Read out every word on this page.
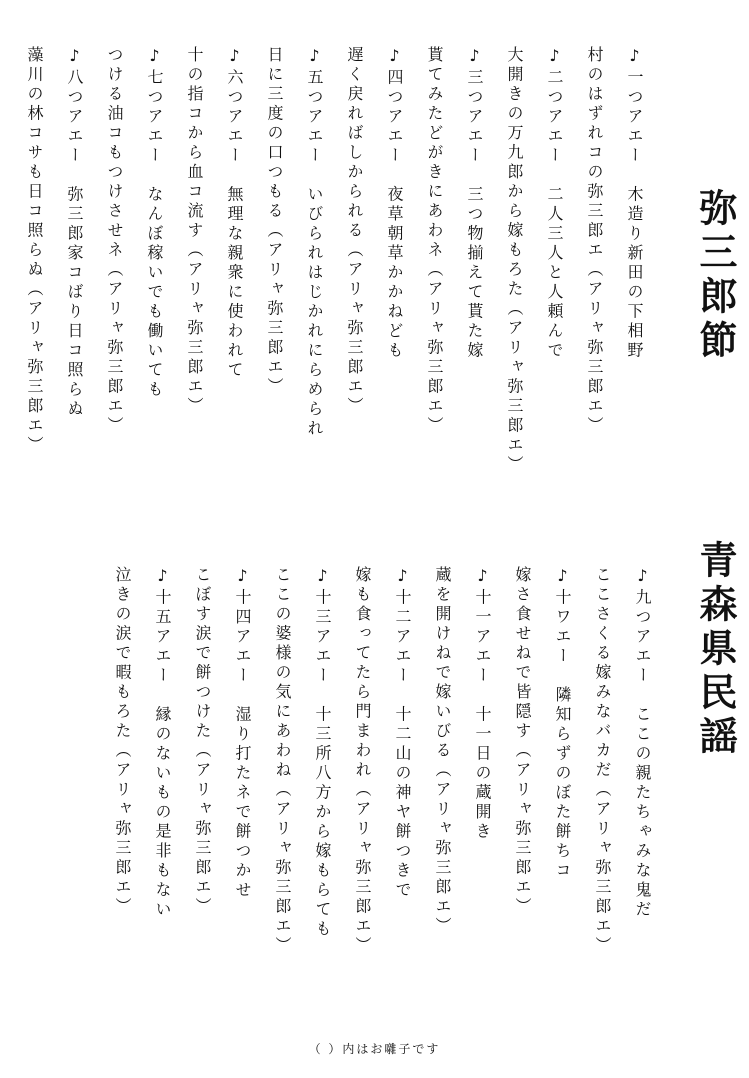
弥三郎節
青森県民謡
♪一つアエー　木造り新田の下相野
村のはずれコの弥三郎エ（アリャ弥三郎エ）
♪二つアエー　二人三人と人頼んで
大開きの万九郎から嫁もろた（アリャ弥三郎エ）
♪三つアエー　三つ物揃えて貰た嫁
貰てみたどがきにあわネ（アリャ弥三郎エ）
♪四つアエー　夜草朝草かかねども
遅く戻ればしかられる（アリャ弥三郎エ）
♪五つアエー　いびられはじかれにらめられ
日に三度の口つもる（アリャ弥三郎エ）
♪六つアエー　無理な親衆に使われて
十の指コから血コ流す（アリャ弥三郎エ）
♪七つアエー　なんぼ稼いでも働いても
つける油コもつけさせネ（アリャ弥三郎エ）
♪八つアエー　弥三郎家コばり日コ照らぬ
藻川の林コサも日コ照らぬ（アリャ弥三郎エ）
♪九つアエー　ここの親たちゃみな鬼だ
ここさくる嫁みなバカだ（アリャ弥三郎エ）
♪十ワエー　隣知らずのぼた餅ちコ
嫁さ食せねで皆隠す（アリャ弥三郎エ）
♪十一アエー　十一日の蔵開き
蔵を開けねで嫁いびる（アリャ弥三郎エ）
♪十二アエー　十二山の神ヤ餅つきで
嫁も食ってたら門まわれ（アリャ弥三郎エ）
♪十三アエー　十三所八方から嫁もらても
ここの婆様の気にあわね（アリャ弥三郎エ）
♪十四アエー　湿り打たネで餅つかせ
こぼす涙で餅つけた（アリャ弥三郎エ）
♪十五アエー　縁のないもの是非もない
泣きの涙で暇もろた（アリャ弥三郎エ）
（ ）内はお囃子です
